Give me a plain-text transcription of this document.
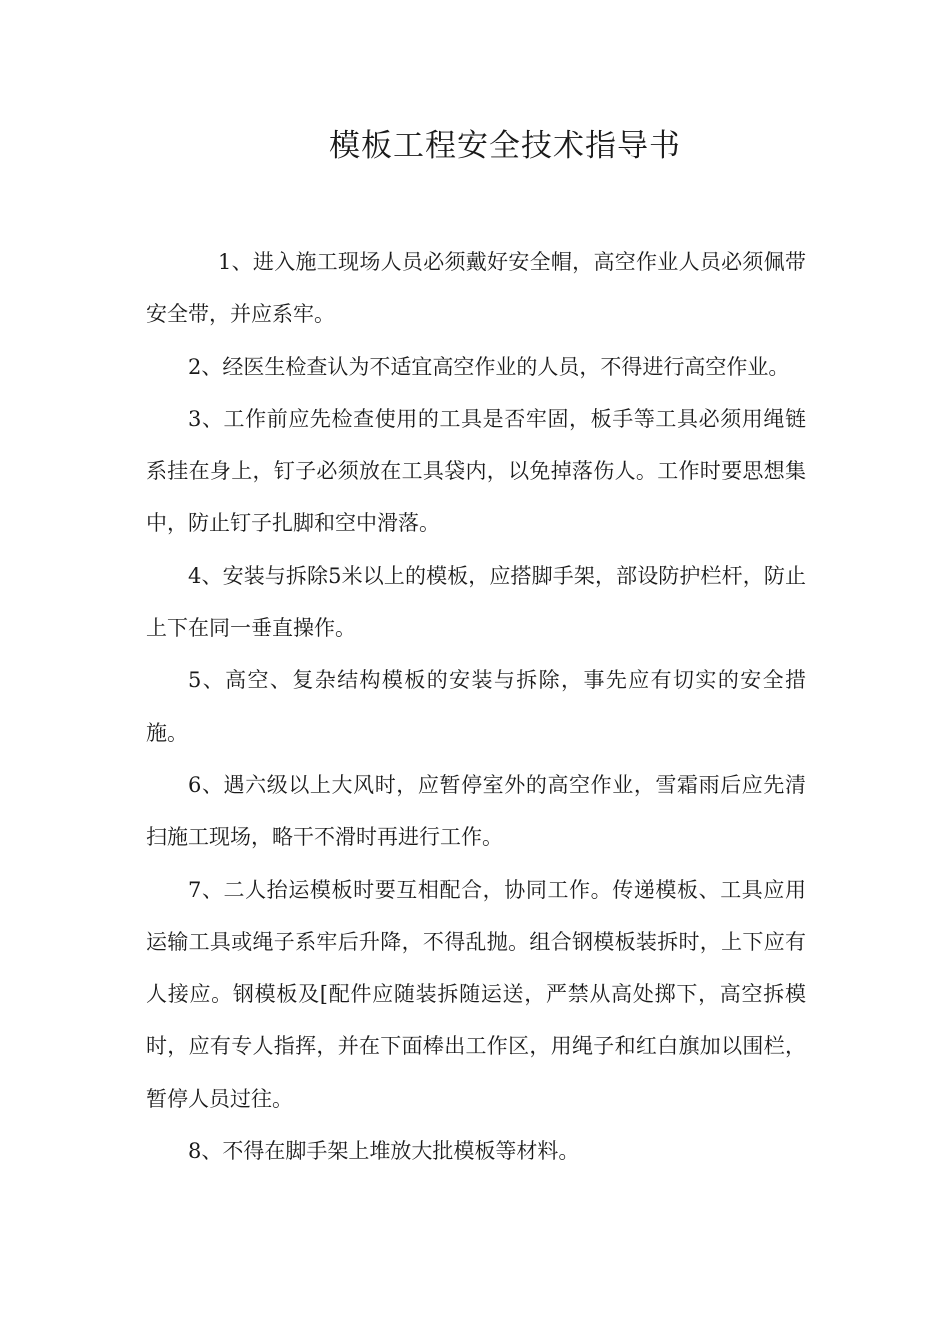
模板工程安全技术指导书

1、进入施工现场人员必须戴好安全帽，高空作业人员必须佩带安全带，并应系牢。

2、经医生检查认为不适宜高空作业的人员，不得进行高空作业。

3、工作前应先检查使用的工具是否牢固，板手等工具必须用绳链系挂在身上，钉子必须放在工具袋内，以免掉落伤人。工作时要思想集中，防止钉子扎脚和空中滑落。

4、安装与拆除5米以上的模板，应搭脚手架，部设防护栏杆，防止上下在同一垂直操作。

5、高空、复杂结构模板的安装与拆除，事先应有切实的安全措施。

6、遇六级以上大风时，应暂停室外的高空作业，雪霜雨后应先清扫施工现场，略干不滑时再进行工作。

7、二人抬运模板时要互相配合，协同工作。传递模板、工具应用运输工具或绳子系牢后升降，不得乱抛。组合钢模板装拆时，上下应有人接应。钢模板及[配件应随装拆随运送，严禁从高处掷下，高空拆模时，应有专人指挥，并在下面棒出工作区，用绳子和红白旗加以围栏，暂停人员过往。

8、不得在脚手架上堆放大批模板等材料。
